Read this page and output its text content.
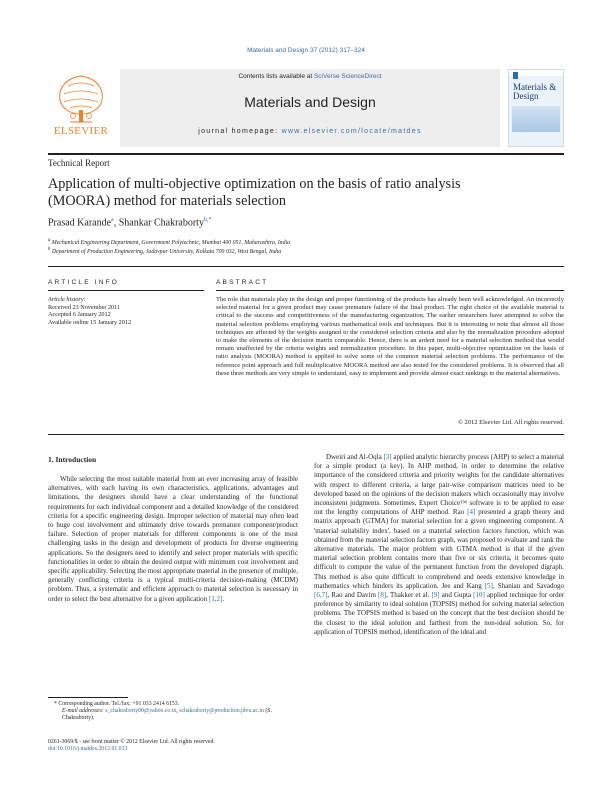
Materials and Design 37 (2012) 317–324
ELSEVIER
Contents lists available at SciVerse ScienceDirect
Materials and Design
journal homepage: www.elsevier.com/locate/matdes
Materials & Design
Technical Report
Application of multi-objective optimization on the basis of ratio analysis
(MOORA) method for materials selection
Prasad Karande$^a$, Shankar Chakraborty$^{b,*}$
$^a$ Mechanical Engineering Department, Government Polytechnic, Mumbai 400 051, Maharashtra, India
$^b$ Department of Production Engineering, Jadavpur University, Kolkata 700 032, West Bengal, India
ARTICLE INFO	ABSTRACT
Article history:
Received 23 November 2011
Accepted 6 January 2012
Available online 15 January 2012
The role that materials play in the design and proper functioning of the products has already been well acknowledged. An incorrectly selected material for a given product may cause premature failure of the final product. The right choice of the available material is critical to the success and competitiveness of the manufacturing organization. The earlier researchers have attempted to solve the material selection problems employing various mathematical tools and techniques. But it is interesting to note that almost all those techniques are affected by the weights assigned to the considered selection criteria and also by the normalization procedure adopted to make the elements of the decision matrix comparable. Hence, there is an ardent need for a material selection method that would remain unaffected by the criteria weights and normalization procedure. In this paper, multi-objective optimization on the basis of ratio analysis (MOORA) method is applied to solve some of the common material selection problems. The performance of the reference point approach and full multiplicative MOORA method are also tested for the considered problems. It is observed that all these three methods are very simple to understand, easy to implement and provide almost exact rankings to the material alternatives.
© 2012 Elsevier Ltd. All rights reserved.
1. Introduction
While selecting the most suitable material from an ever increasing array of feasible alternatives, with each having its own characteristics, applications, advantages and limitations, the designers should have a clear understanding of the functional requirements for each individual component and a detailed knowledge of the considered criteria for a specific engineering design. Improper selection of material may often lead to huge cost involvement and ultimately drive towards premature component/product failure. Selection of proper materials for different components is one of the most challenging tasks in the design and development of products for diverse engineering applications. So the designers need to identify and select proper materials with specific functionalities in order to obtain the desired output with minimum cost involvement and specific applicability. Selecting the most appropriate material in the presence of multiple, generally conflicting criteria is a typical multi-criteria decision-making (MCDM) problem. Thus, a systematic and efficient approach to material selection is necessary in order to select the best alternative for a given application [1,2].
Dweiri and Al-Oqla [3] applied analytic hierarchy process (AHP) to select a material for a simple product (a key). In AHP method, in order to determine the relative importance of the considered criteria and priority weights for the candidate alternatives with respect to different criteria, a large pair-wise comparison matrices need to be developed based on the opinions of the decision makers which occasionally may involve inconsistent judgments. Sometimes, Expert Choice™ software is to be applied to ease out the lengthy computations of AHP method. Rao [4] presented a graph theory and matrix approach (GTMA) for material selection for a given engineering component. A 'material suitability index', based on a material selection factors function, which was obtained from the material selection factors graph, was proposed to evaluate and rank the alternative materials. The major problem with GTMA method is that if the given material selection problem contains more than five or six criteria, it becomes quite difficult to compute the value of the permanent function from the developed digraph. This method is also quite difficult to comprehend and needs extensive knowledge in mathematics which hinders its application. Jee and Kang [5], Shanian and Savadogo [6,7], Rao and Davim [8], Thakker et al. [9] and Gupta [10] applied technique for order preference by similarity to ideal solution (TOPSIS) method for solving material selection problems. The TOPSIS method is based on the concept that the best decision should be the closest to the ideal solution and farthest from the non-ideal solution. So, for application of TOPSIS method, identification of the ideal and
* Corresponding author. Tel./fax: +91 033 2414 6153.
E-mail addresses: s_chakraborty00@yahoo.co.in, schakraborty@production.jdvu.ac.in (S. Chakraborty).
0261-3069/$ - see front matter © 2012 Elsevier Ltd. All rights reserved.
doi:10.1016/j.matdes.2012.01.013
